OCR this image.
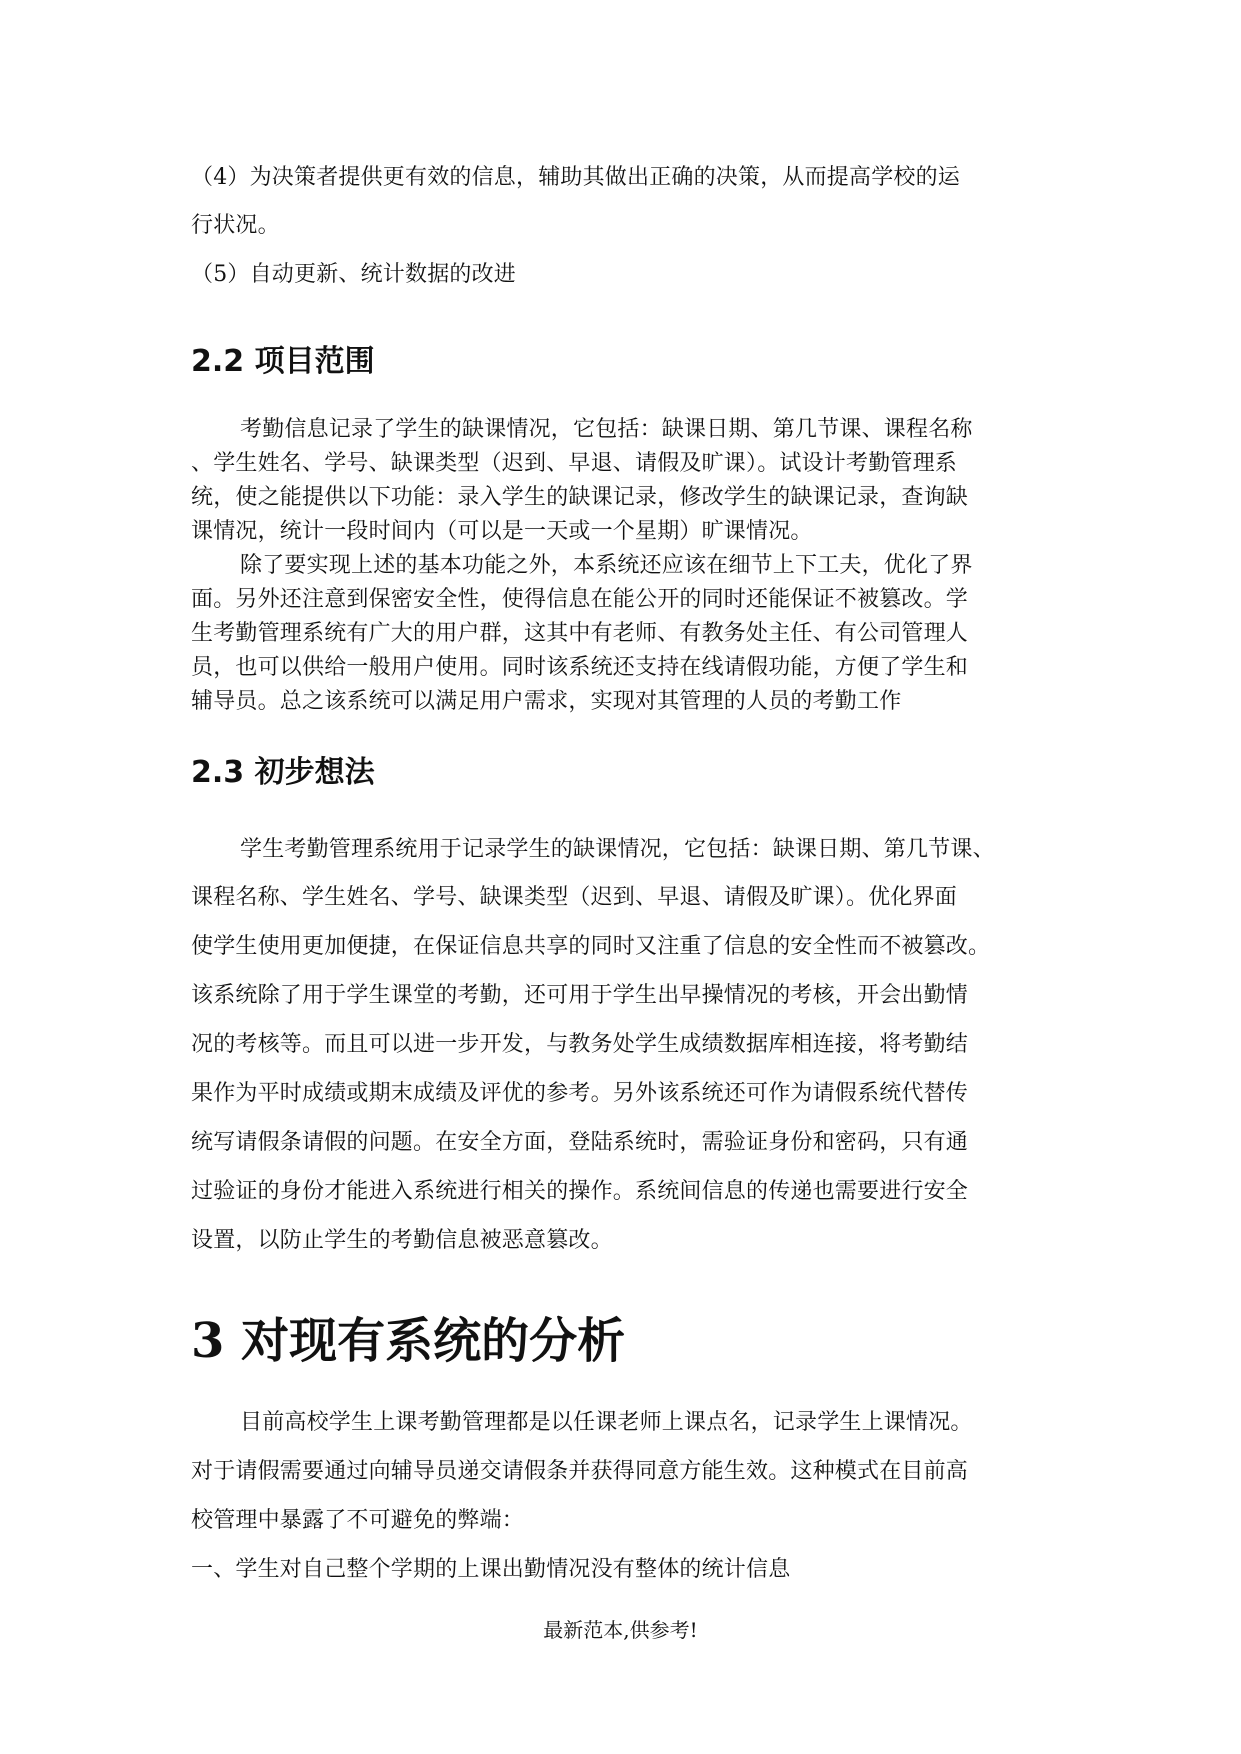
（4）为决策者提供更有效的信息，辅助其做出正确的决策，从而提高学校的运

行状况。

（5）自动更新、统计数据的改进

2.2 项目范围

考勤信息记录了学生的缺课情况，它包括：缺课日期、第几节课、课程名称

、学生姓名、学号、缺课类型（迟到、早退、请假及旷课）。试设计考勤管理系

统，使之能提供以下功能：录入学生的缺课记录，修改学生的缺课记录，查询缺

课情况，统计一段时间内（可以是一天或一个星期）旷课情况。

除了要实现上述的基本功能之外，本系统还应该在细节上下工夫，优化了界

面。另外还注意到保密安全性，使得信息在能公开的同时还能保证不被篡改。学

生考勤管理系统有广大的用户群，这其中有老师、有教务处主任、有公司管理人

员，也可以供给一般用户使用。同时该系统还支持在线请假功能，方便了学生和

辅导员。总之该系统可以满足用户需求，实现对其管理的人员的考勤工作

2.3 初步想法

学生考勤管理系统用于记录学生的缺课情况，它包括：缺课日期、第几节课、

课程名称、学生姓名、学号、缺课类型（迟到、早退、请假及旷课）。优化界面

使学生使用更加便捷，在保证信息共享的同时又注重了信息的安全性而不被篡改。

该系统除了用于学生课堂的考勤，还可用于学生出早操情况的考核，开会出勤情

况的考核等。而且可以进一步开发，与教务处学生成绩数据库相连接，将考勤结

果作为平时成绩或期末成绩及评优的参考。另外该系统还可作为请假系统代替传

统写请假条请假的问题。在安全方面，登陆系统时，需验证身份和密码，只有通

过验证的身份才能进入系统进行相关的操作。系统间信息的传递也需要进行安全

设置，以防止学生的考勤信息被恶意篡改。

3 对现有系统的分析

目前高校学生上课考勤管理都是以任课老师上课点名，记录学生上课情况。

对于请假需要通过向辅导员递交请假条并获得同意方能生效。这种模式在目前高

校管理中暴露了不可避免的弊端：

一、学生对自己整个学期的上课出勤情况没有整体的统计信息

最新范本,供参考!
